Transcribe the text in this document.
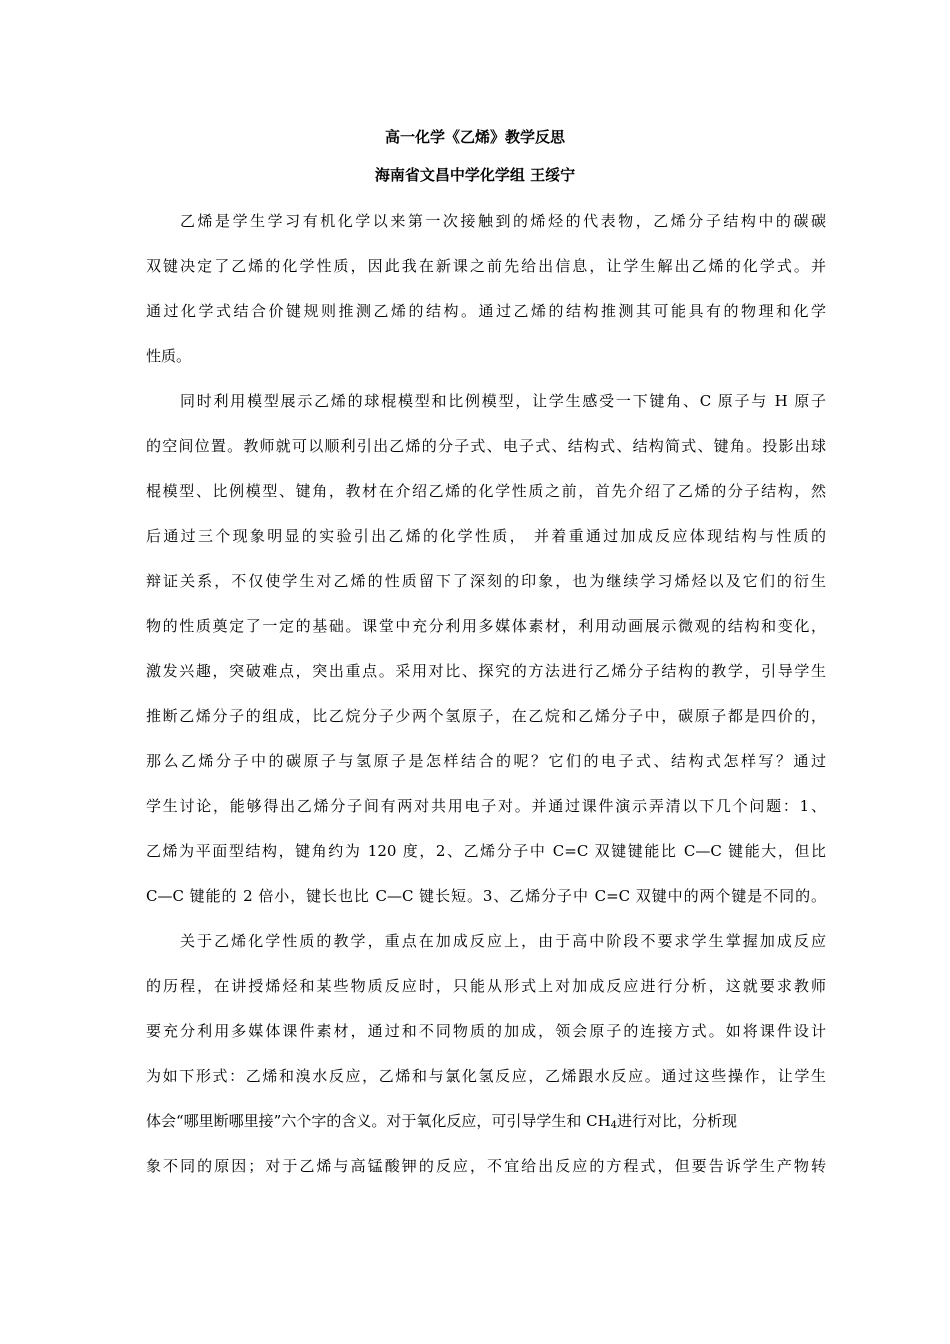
高一化学《乙烯》教学反思
海南省文昌中学化学组 王绥宁
乙烯是学生学习有机化学以来第一次接触到的烯烃的代表物，乙烯分子结构中的碳碳
双键决定了乙烯的化学性质，因此我在新课之前先给出信息，让学生解出乙烯的化学式。并
通过化学式结合价键规则推测乙烯的结构。通过乙烯的结构推测其可能具有的物理和化学
性质。
同时利用模型展示乙烯的球棍模型和比例模型，让学生感受一下键角、C 原子与 H 原子
的空间位置。教师就可以顺利引出乙烯的分子式、电子式、结构式、结构简式、键角。投影出球
棍模型、比例模型、键角，教材在介绍乙烯的化学性质之前，首先介绍了乙烯的分子结构，然
后通过三个现象明显的实验引出乙烯的化学性质， 并着重通过加成反应体现结构与性质的
辩证关系，不仅使学生对乙烯的性质留下了深刻的印象，也为继续学习烯烃以及它们的衍生
物的性质奠定了一定的基础。课堂中充分利用多媒体素材，利用动画展示微观的结构和变化，
激发兴趣，突破难点，突出重点。采用对比、探究的方法进行乙烯分子结构的教学，引导学生
推断乙烯分子的组成，比乙烷分子少两个氢原子，在乙烷和乙烯分子中，碳原子都是四价的，
那么乙烯分子中的碳原子与氢原子是怎样结合的呢？它们的电子式、结构式怎样写？通过
学生讨论，能够得出乙烯分子间有两对共用电子对。并通过课件演示弄清以下几个问题：1、
乙烯为平面型结构，键角约为 120 度，2、乙烯分子中 C=C 双键键能比 C—C 键能大，但比
C—C 键能的 2 倍小，键长也比 C—C 键长短。3、乙烯分子中 C=C 双键中的两个键是不同的。
关于乙烯化学性质的教学，重点在加成反应上，由于高中阶段不要求学生掌握加成反应
的历程，在讲授烯烃和某些物质反应时，只能从形式上对加成反应进行分析，这就要求教师
要充分利用多媒体课件素材，通过和不同物质的加成，领会原子的连接方式。如将课件设计
为如下形式：乙烯和溴水反应，乙烯和与氯化氢反应，乙烯跟水反应。通过这些操作，让学生
体会“哪里断哪里接”六个字的含义。对于氧化反应，可引导学生和 $CH_4$进行对比，分析现
象不同的原因；对于乙烯与高锰酸钾的反应，不宜给出反应的方程式，但要告诉学生产物转
